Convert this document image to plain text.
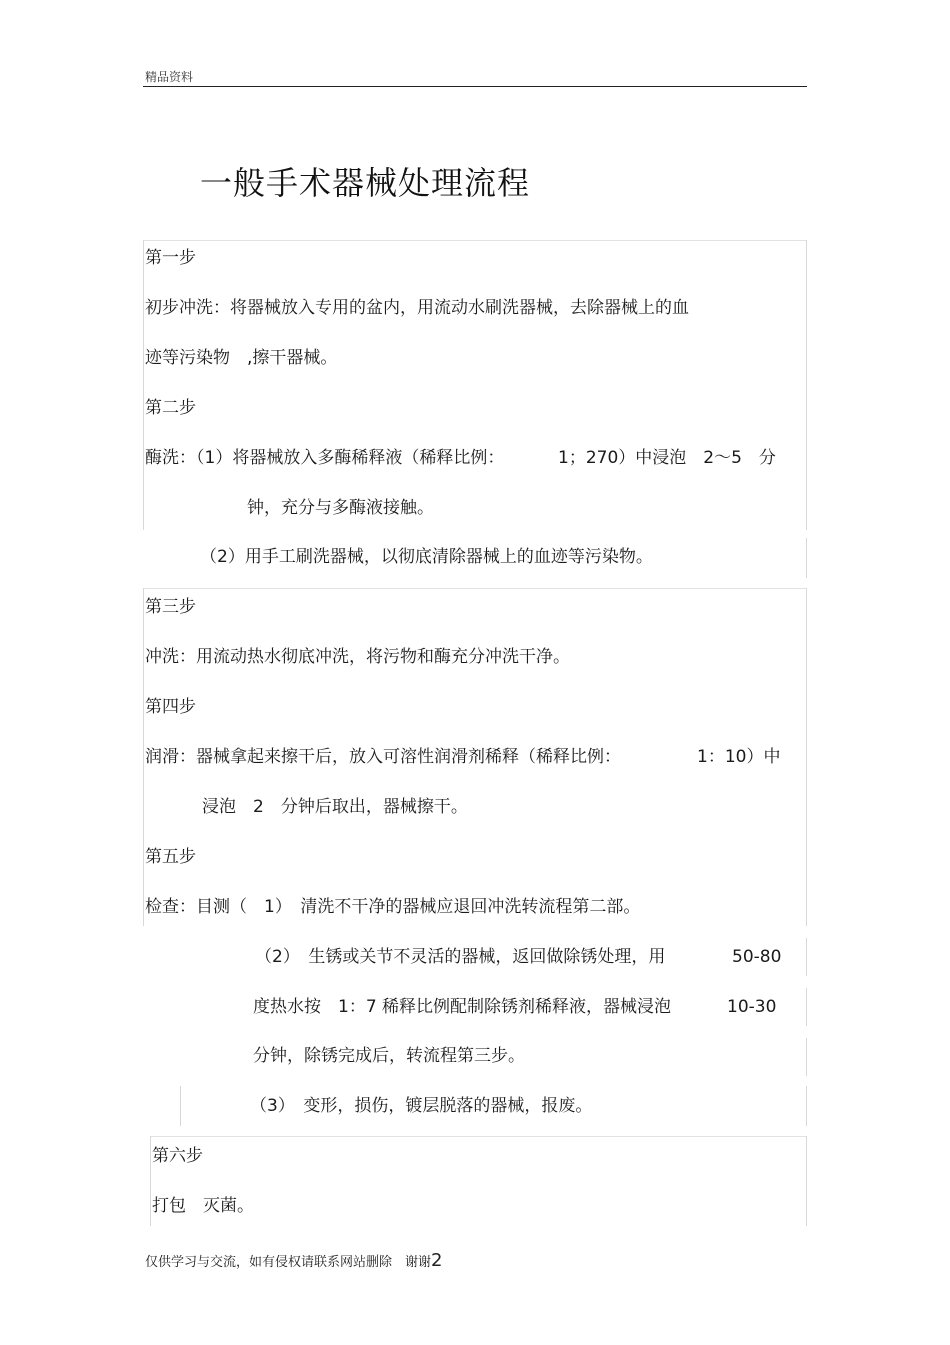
精品资料
一般手术器械处理流程
第一步
初步冲洗：将器械放入专用的盆内，用流动水刷洗器械，去除器械上的血
迹等污染物　,擦干器械。
第二步
酶洗：（1）将器械放入多酶稀释液（稀释比例：	1；270）中浸泡　2～5　分
钟，充分与多酶液接触。
（2）用手工刷洗器械，以彻底清除器械上的血迹等污染物。
第三步
冲洗：用流动热水彻底冲洗，将污物和酶充分冲洗干净。
第四步
润滑：器械拿起来擦干后，放入可溶性润滑剂稀释（稀释比例：	1：10）中
浸泡　2　分钟后取出，器械擦干。
第五步
检查：目测（　1）　清洗不干净的器械应退回冲洗转流程第二部。
（2）　生锈或关节不灵活的器械，返回做除锈处理，用	50-80
度热水按　1：7 稀释比例配制除锈剂稀释液，器械浸泡	10-30
分钟，除锈完成后，转流程第三步。
（3）　变形，损伤，镀层脱落的器械，报废。
第六步
打包　灭菌。
仅供学习与交流，如有侵权请联系网站删除　谢谢2
